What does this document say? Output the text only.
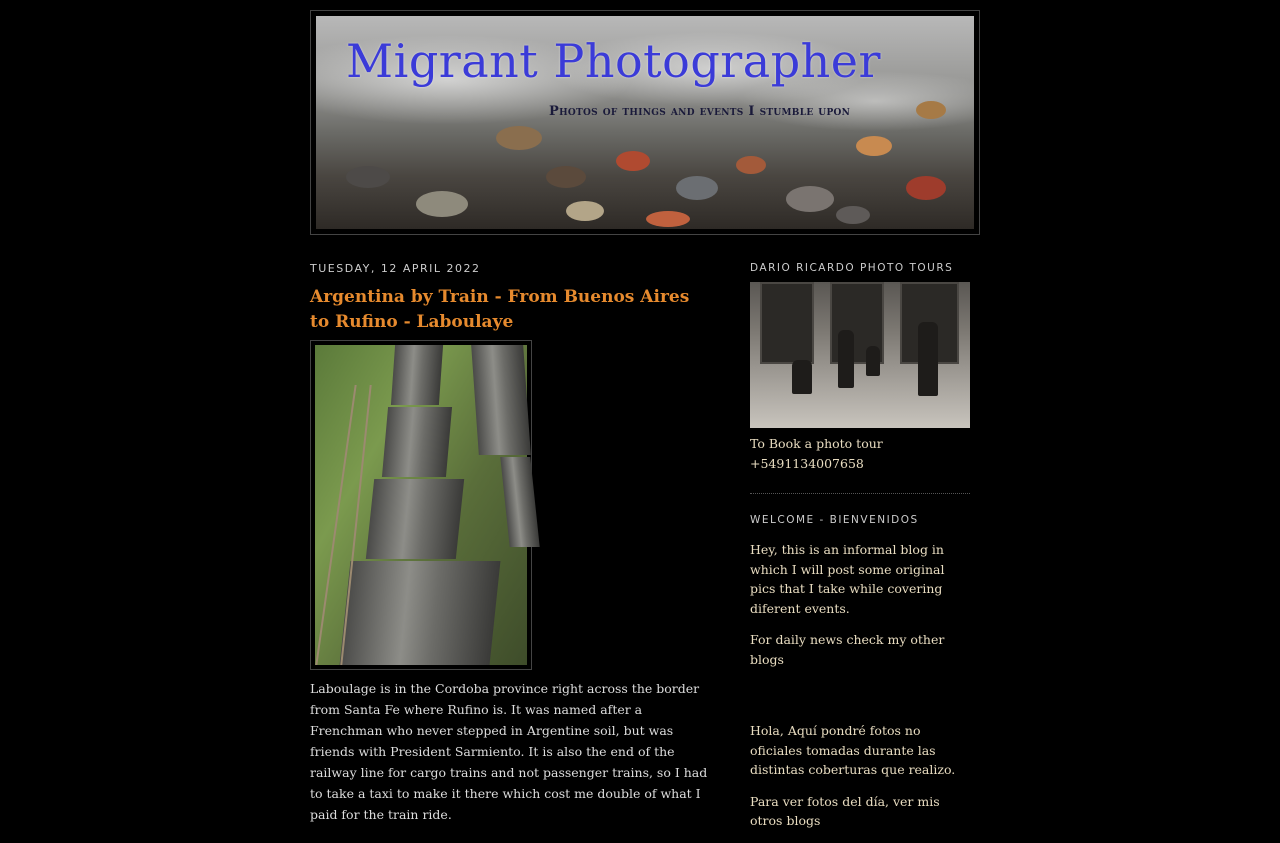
Migrant Photographer
Photos of things and events I stumble upon
TUESDAY, 12 APRIL 2022
Argentina by Train - From Buenos Aires to Rufino - Laboulaye

Laboulage is in the Cordoba province right across the border from Santa Fe where Rufino is. It was named after a Frenchman who never stepped in Argentine soil, but was friends with President Sarmiento. It is also the end of the railway line for cargo trains and not passenger trains, so I had to take a taxi to make it there which cost me double of what I paid for the train ride.

DARIO RICARDO PHOTO TOURS

To Book a photo tour

+5491134007658

WELCOME - BIENVENIDOS

Hey, this is an informal blog in which I will post some original pics that I take while covering diferent events.

For daily news check my other blogs

Hola, Aquí pondré fotos no oficiales tomadas durante las distintas coberturas que realizo.

Para ver fotos del día, ver mis otros blogs
